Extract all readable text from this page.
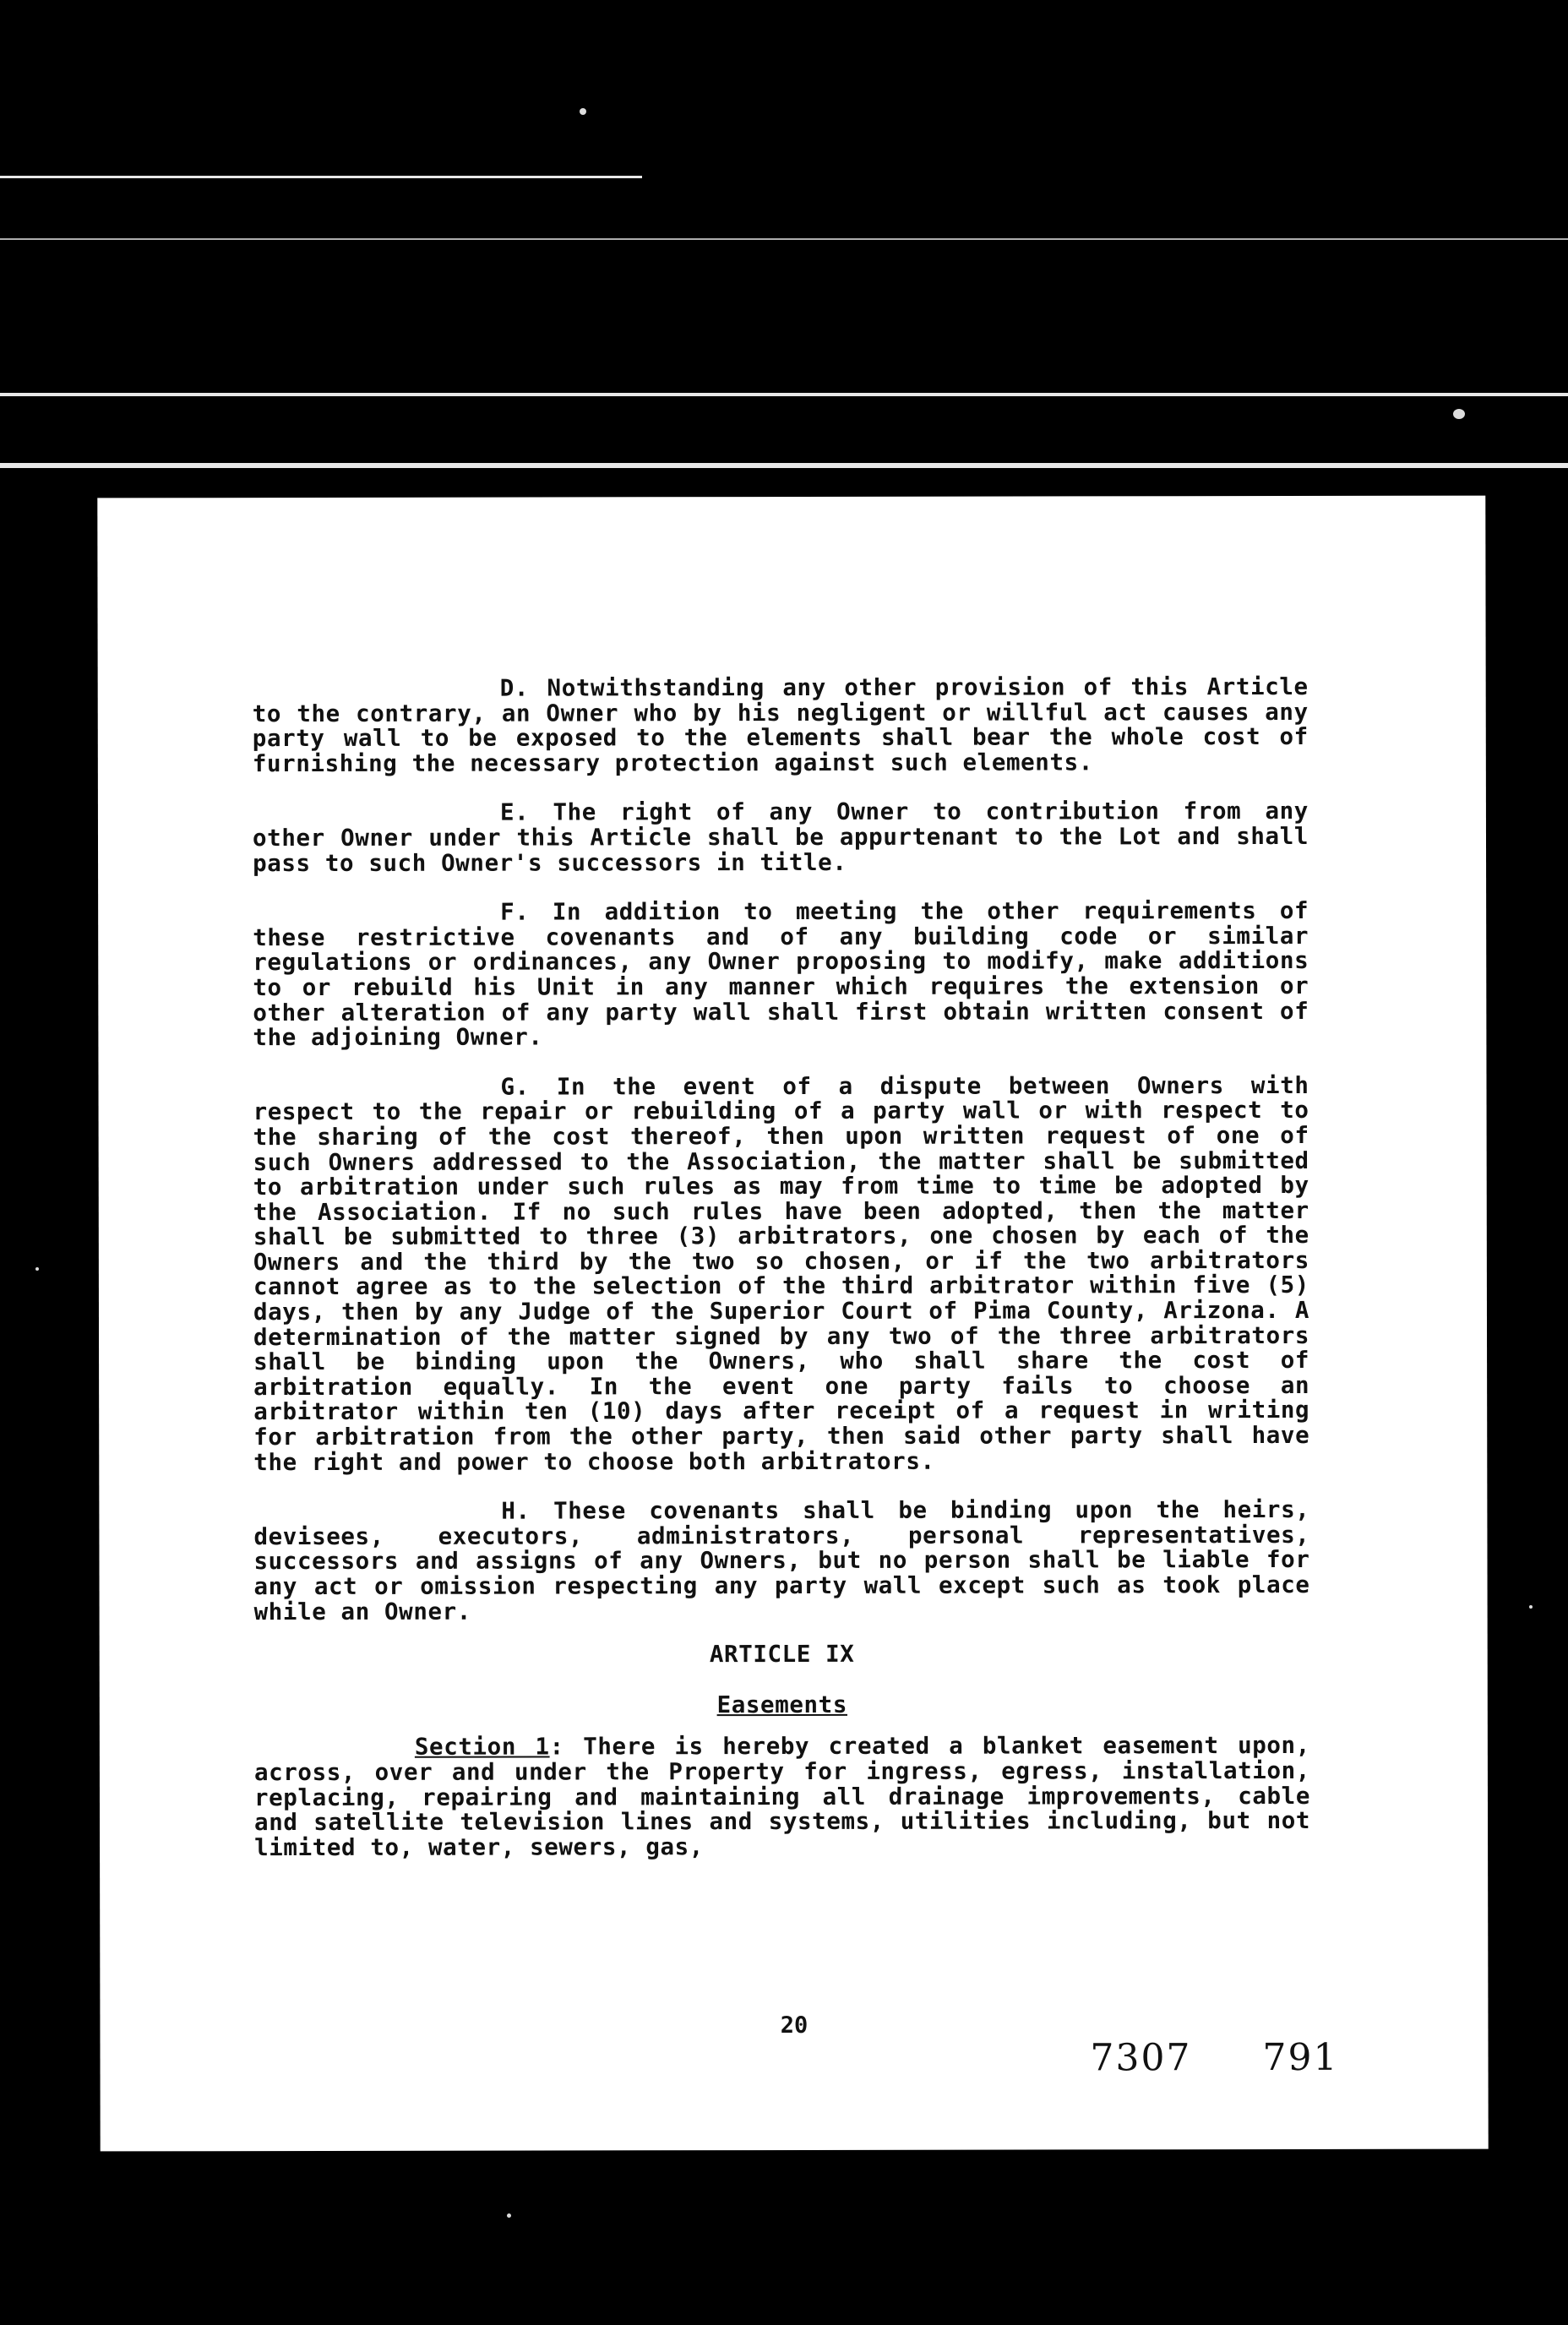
D. Notwithstanding any other provision of this Article to the contrary, an Owner who by his negligent or willful act causes any party wall to be exposed to the elements shall bear the whole cost of furnishing the necessary protection against such elements.

E. The right of any Owner to contribution from any other Owner under this Article shall be appurtenant to the Lot and shall pass to such Owner's successors in title.

F. In addition to meeting the other requirements of these restrictive covenants and of any building code or similar regulations or ordinances, any Owner proposing to modify, make additions to or rebuild his Unit in any manner which requires the extension or other alteration of any party wall shall first obtain written consent of the adjoining Owner.

G. In the event of a dispute between Owners with respect to the repair or rebuilding of a party wall or with respect to the sharing of the cost thereof, then upon written request of one of such Owners addressed to the Association, the matter shall be submitted to arbitration under such rules as may from time to time be adopted by the Association. If no such rules have been adopted, then the matter shall be submitted to three (3) arbitrators, one chosen by each of the Owners and the third by the two so chosen, or if the two arbitrators cannot agree as to the selection of the third arbitrator within five (5) days, then by any Judge of the Superior Court of Pima County, Arizona. A determination of the matter signed by any two of the three arbitrators shall be binding upon the Owners, who shall share the cost of arbitration equally. In the event one party fails to choose an arbitrator within ten (10) days after receipt of a request in writing for arbitration from the other party, then said other party shall have the right and power to choose both arbitrators.

H. These covenants shall be binding upon the heirs, devisees, executors, administrators, personal representatives, successors and assigns of any Owners, but no person shall be liable for any act or omission respecting any party wall except such as took place while an Owner.

ARTICLE IX
Easements

Section 1: There is hereby created a blanket easement upon, across, over and under the Property for ingress, egress, installation, replacing, repairing and maintaining all drainage improvements, cable and satellite television lines and systems, utilities including, but not limited to, water, sewers, gas,

20
7307 791
